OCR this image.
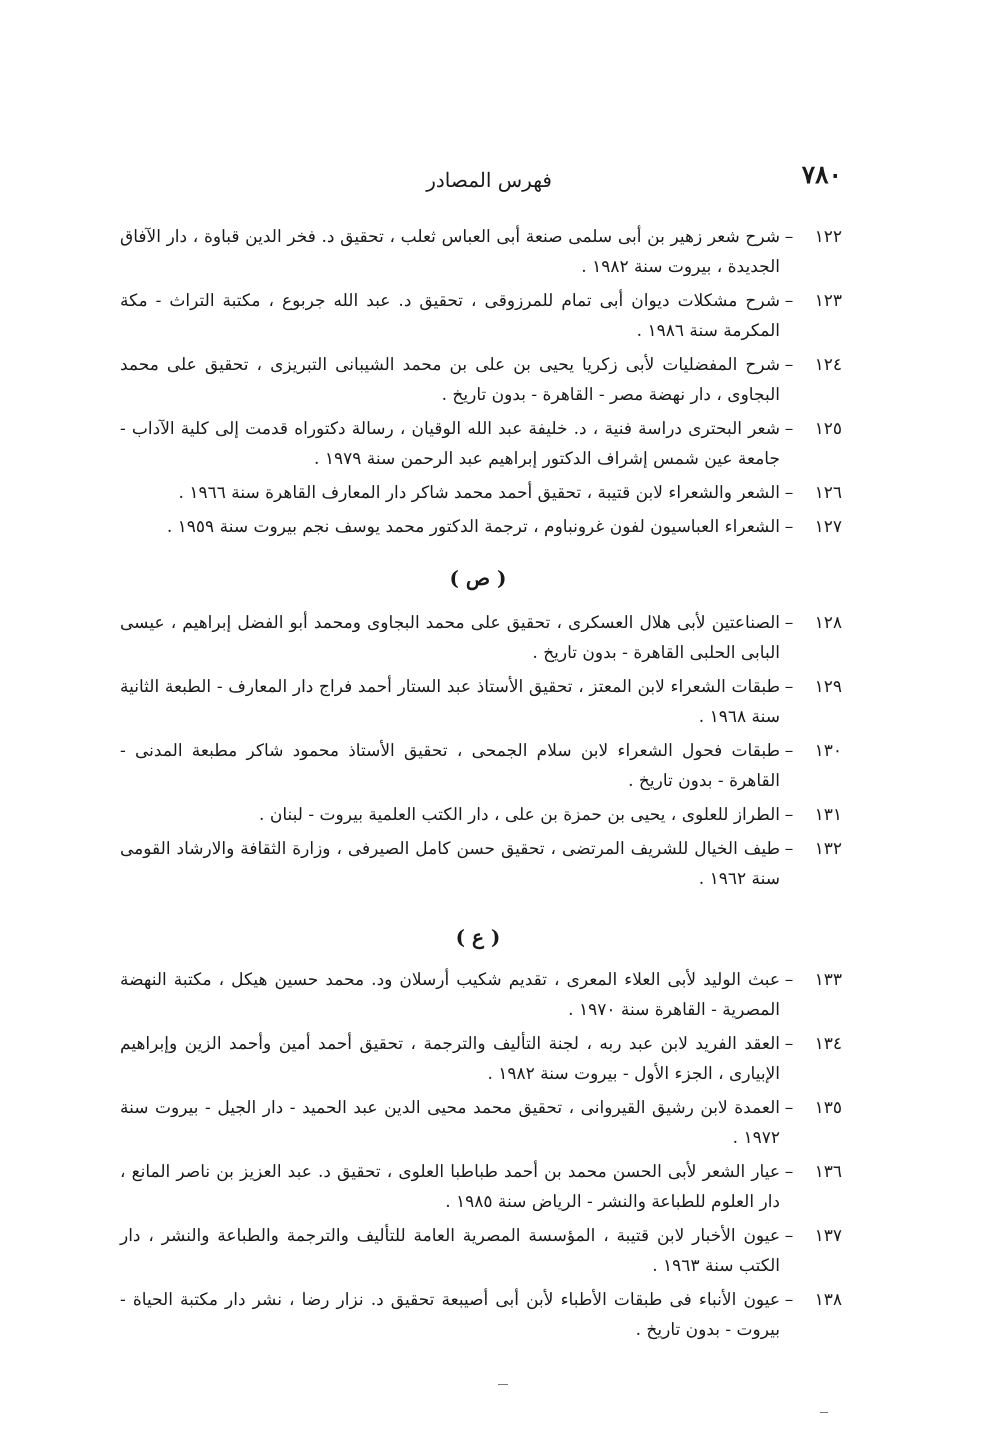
٧٨٠
فهرس المصادر
١٢٢
–
شرح شعر زهير بن أبى سلمى صنعة أبى العباس ثعلب ، تحقيق د. فخر الدين قباوة ، دار الآفاق الجديدة ، بيروت سنة ١٩٨٢ .
١٢٣
–
شرح مشكلات ديوان أبى تمام للمرزوقى ، تحقيق د. عبد الله جربوع ، مكتبة التراث - مكة المكرمة سنة ١٩٨٦ .
١٢٤
–
شرح المفضليات لأبى زكريا يحيى بن على بن محمد الشيبانى التبريزى ، تحقيق على محمد البجاوى ، دار نهضة مصر - القاهرة - بدون تاريخ .
١٢٥
–
شعر البحترى دراسة فنية ، د. خليفة عبد الله الوقيان ، رسالة دكتوراه قدمت إلى كلية الآداب - جامعة عين شمس إشراف الدكتور إبراهيم عبد الرحمن سنة ١٩٧٩ .
١٢٦
–
الشعر والشعراء لابن قتيبة ، تحقيق أحمد محمد شاكر دار المعارف القاهرة سنة ١٩٦٦ .
١٢٧
–
الشعراء العباسيون لفون غرونباوم ، ترجمة الدكتور محمد يوسف نجم بيروت سنة ١٩٥٩ .
( ص )
١٢٨
–
الصناعتين لأبى هلال العسكرى ، تحقيق على محمد البجاوى ومحمد أبو الفضل إبراهيم ، عيسى البابى الحلبى القاهرة - بدون تاريخ .
١٢٩
–
طبقات الشعراء لابن المعتز ، تحقيق الأستاذ عبد الستار أحمد فراج دار المعارف - الطبعة الثانية سنة ١٩٦٨ .
١٣٠
–
طبقات فحول الشعراء لابن سلام الجمحى ، تحقيق الأستاذ محمود شاكر مطبعة المدنى - القاهرة - بدون تاريخ .
١٣١
–
الطراز للعلوى ، يحيى بن حمزة بن على ، دار الكتب العلمية بيروت - لبنان .
١٣٢
–
طيف الخيال للشريف المرتضى ، تحقيق حسن كامل الصيرفى ، وزارة الثقافة والارشاد القومى سنة ١٩٦٢ .
( ع )
١٣٣
–
عبث الوليد لأبى العلاء المعرى ، تقديم شكيب أرسلان ود. محمد حسين هيكل ، مكتبة النهضة المصرية - القاهرة سنة ١٩٧٠ .
١٣٤
–
العقد الفريد لابن عبد ربه ، لجنة التأليف والترجمة ، تحقيق أحمد أمين وأحمد الزين وإبراهيم الإبيارى ، الجزء الأول - بيروت سنة ١٩٨٢ .
١٣٥
–
العمدة لابن رشيق القيروانى ، تحقيق محمد محيى الدين عبد الحميد - دار الجيل - بيروت سنة ١٩٧٢ .
١٣٦
–
عيار الشعر لأبى الحسن محمد بن أحمد طباطبا العلوى ، تحقيق د. عبد العزيز بن ناصر المانع ، دار العلوم للطباعة والنشر - الرياض سنة ١٩٨٥ .
١٣٧
–
عيون الأخبار لابن قتيبة ، المؤسسة المصرية العامة للتأليف والترجمة والطباعة والنشر ، دار الكتب سنة ١٩٦٣ .
١٣٨
–
عيون الأنباء فى طبقات الأطباء لأبن أبى أصيبعة تحقيق د. نزار رضا ، نشر دار مكتبة الحياة - بيروت - بدون تاريخ .
